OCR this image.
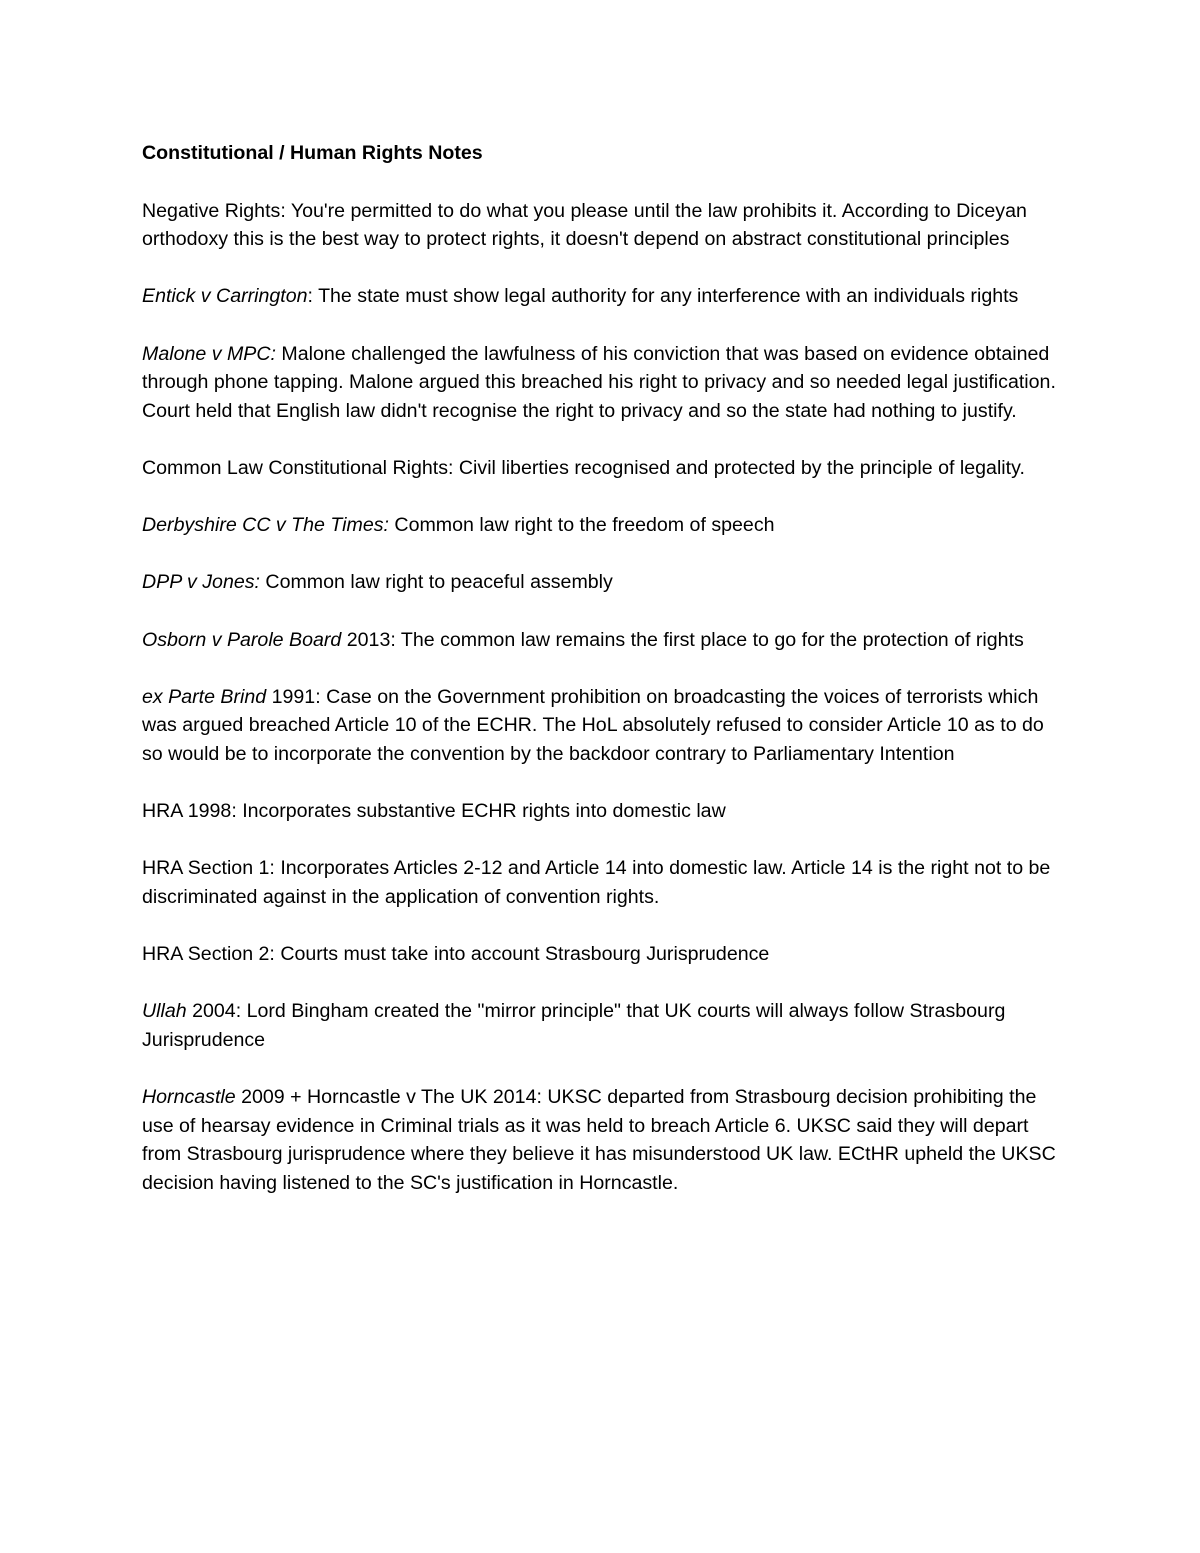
Constitutional / Human Rights Notes
Negative Rights: You're permitted to do what you please until the law prohibits it. According to Diceyan orthodoxy this is the best way to protect rights, it doesn't depend on abstract constitutional principles
Entick v Carrington: The state must show legal authority for any interference with an individuals rights
Malone v MPC: Malone challenged the lawfulness of his conviction that was based on evidence obtained through phone tapping. Malone argued this breached his right to privacy and so needed legal justification. Court held that English law didn't recognise the right to privacy and so the state had nothing to justify.
Common Law Constitutional Rights: Civil liberties recognised and protected by the principle of legality.
Derbyshire CC v The Times: Common law right to the freedom of speech
DPP v Jones: Common law right to peaceful assembly
Osborn v Parole Board 2013: The common law remains the first place to go for the protection of rights
ex Parte Brind 1991: Case on the Government prohibition on broadcasting the voices of terrorists which was argued breached Article 10 of the ECHR. The HoL absolutely refused to consider Article 10 as to do so would be to incorporate the convention by the backdoor contrary to Parliamentary Intention
HRA 1998: Incorporates substantive ECHR rights into domestic law
HRA Section 1: Incorporates Articles 2-12 and Article 14 into domestic law. Article 14 is the right not to be discriminated against in the application of convention rights.
HRA Section 2: Courts must take into account Strasbourg Jurisprudence
Ullah 2004: Lord Bingham created the "mirror principle" that UK courts will always follow Strasbourg Jurisprudence
Horncastle 2009 + Horncastle v The UK 2014: UKSC departed from Strasbourg decision prohibiting the use of hearsay evidence in Criminal trials as it was held to breach Article 6. UKSC said they will depart from Strasbourg jurisprudence where they believe it has misunderstood UK law. ECtHR upheld the UKSC decision having listened to the SC's justification in Horncastle.
